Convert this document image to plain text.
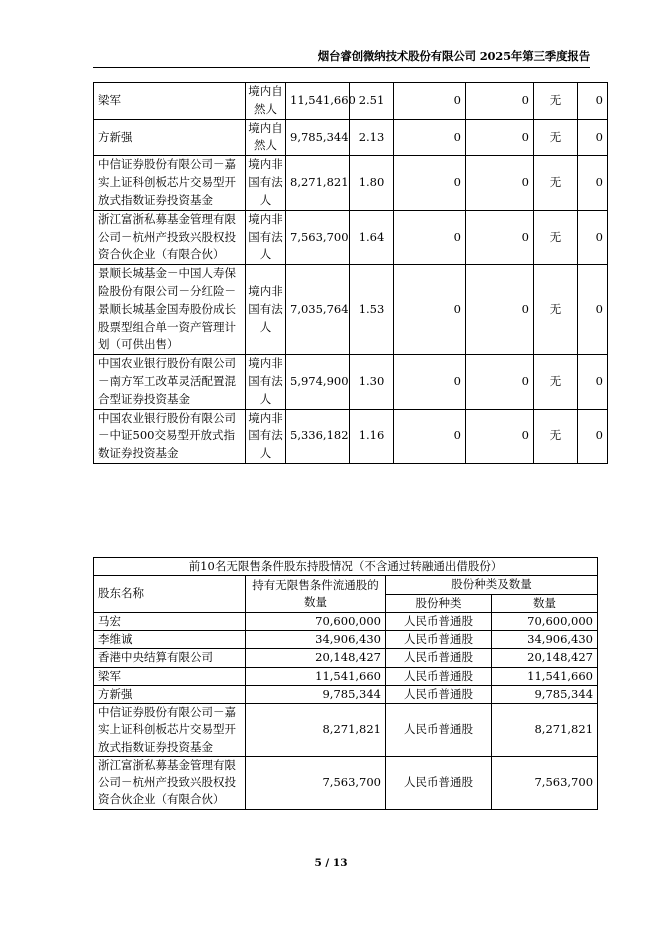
烟台睿创微纳技术股份有限公司 2025年第三季度报告
梁军	境内自然人	11,541,660	2.51	0	0	无	0
方新强	境内自然人	9,785,344	2.13	0	0	无	0
中信证券股份有限公司－嘉实上证科创板芯片交易型开放式指数证券投资基金	境内非国有法人	8,271,821	1.80	0	0	无	0
浙江富浙私募基金管理有限公司－杭州产投致兴股权投资合伙企业（有限合伙）	境内非国有法人	7,563,700	1.64	0	0	无	0
景顺长城基金－中国人寿保险股份有限公司－分红险－景顺长城基金国寿股份成长股票型组合单一资产管理计划（可供出售）	境内非国有法人	7,035,764	1.53	0	0	无	0
中国农业银行股份有限公司－南方军工改革灵活配置混合型证券投资基金	境内非国有法人	5,974,900	1.30	0	0	无	0
中国农业银行股份有限公司－中证500交易型开放式指数证券投资基金	境内非国有法人	5,336,182	1.16	0	0	无	0
前10名无限售条件股东持股情况（不含通过转融通出借股份）			
股东名称	持有无限售条件流通股的数量	股份种类及数量	
		股份种类	数量
马宏	70,600,000	人民币普通股	70,600,000
李维诚	34,906,430	人民币普通股	34,906,430
香港中央结算有限公司	20,148,427	人民币普通股	20,148,427
梁军	11,541,660	人民币普通股	11,541,660
方新强	9,785,344	人民币普通股	9,785,344
中信证券股份有限公司－嘉实上证科创板芯片交易型开放式指数证券投资基金	8,271,821	人民币普通股	8,271,821
浙江富浙私募基金管理有限公司－杭州产投致兴股权投资合伙企业（有限合伙）	7,563,700	人民币普通股	7,563,700
5 / 13
